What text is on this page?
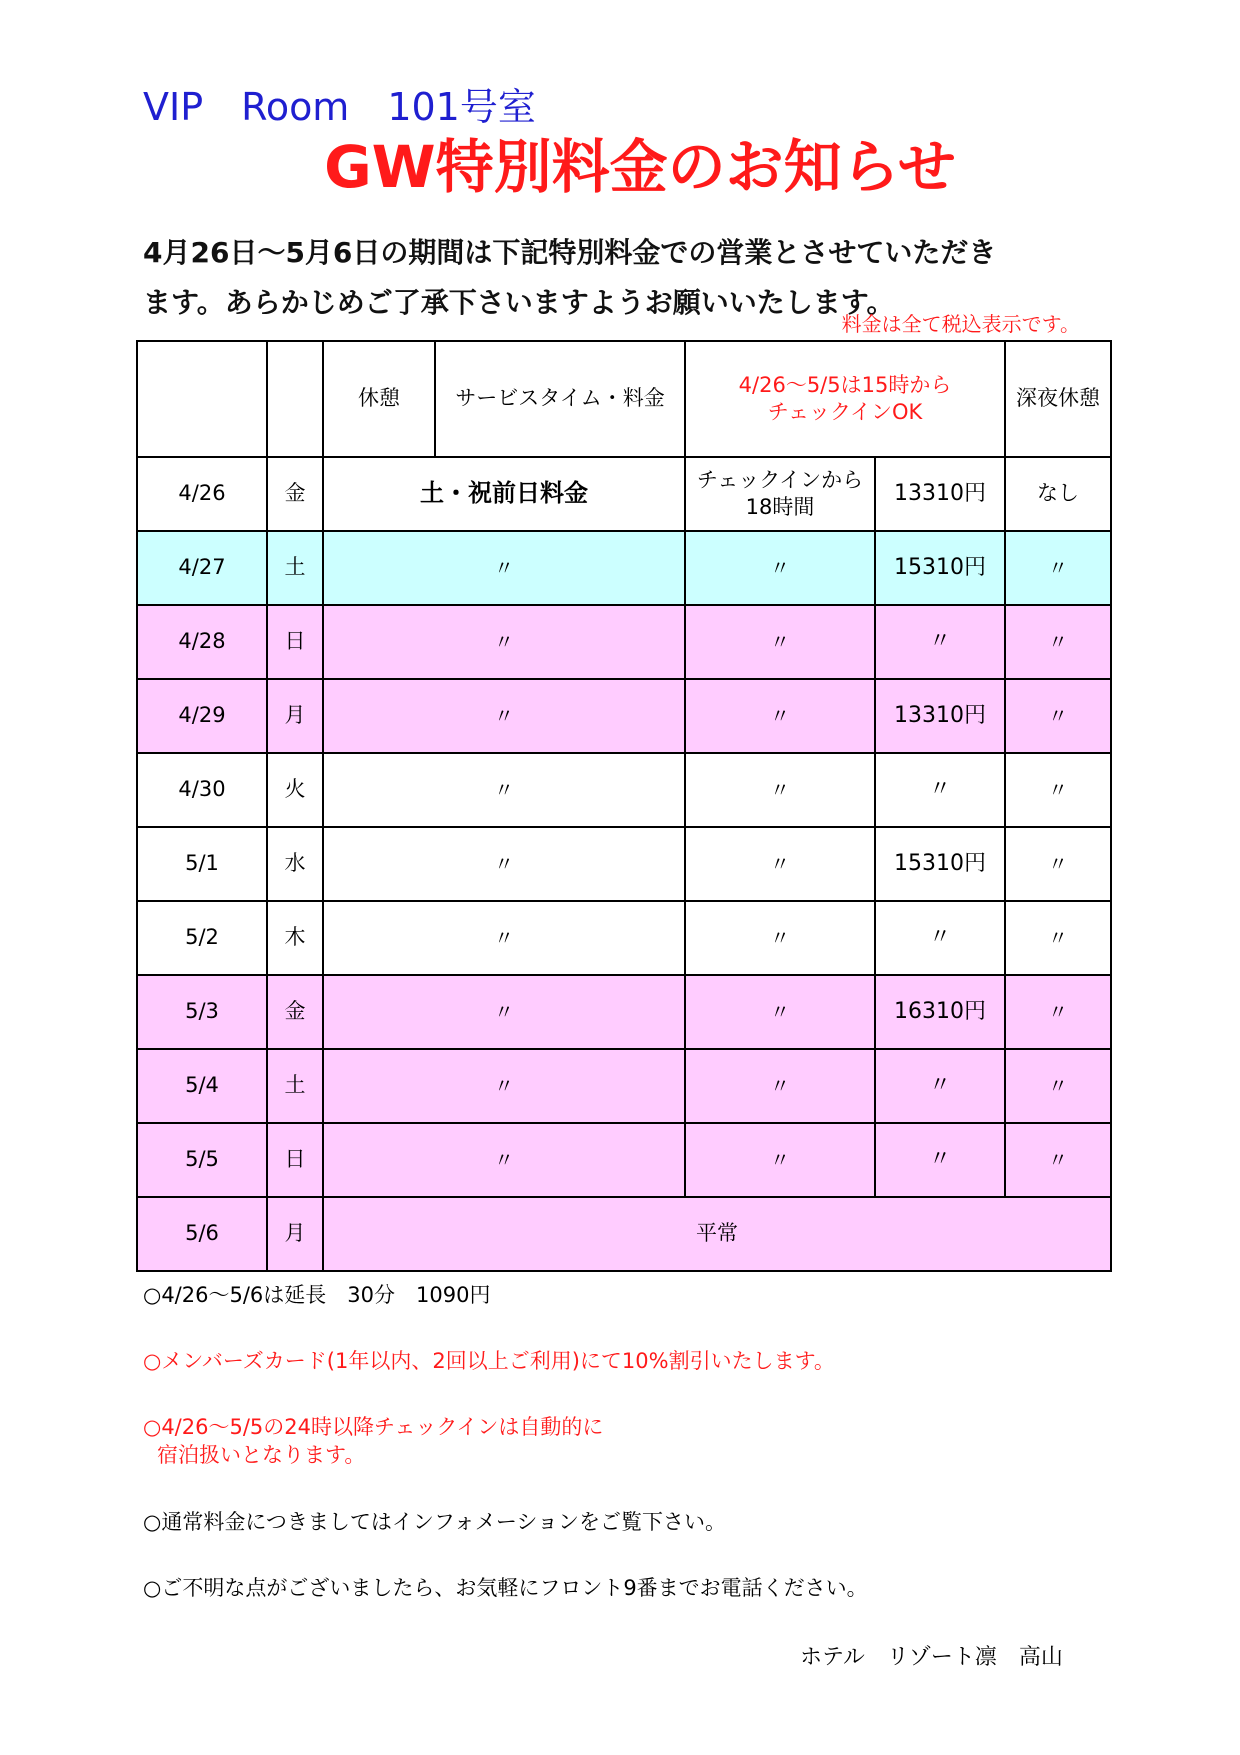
VIP　Room　101号室
GW特別料金のお知らせ
4月26日～5月6日の期間は下記特別料金での営業とさせていただき
ます。あらかじめご了承下さいますようお願いいたします。
料金は全て税込表示です。
		休憩	サービスタイム・料金	4/26～5/5は15時から
チェックインOK		深夜休憩
4/26	金	土・祝前日料金		チェックインから
18時間	13310円	なし
4/27	土	〃		〃	15310円	〃
4/28	日	〃		〃	〃	〃
4/29	月	〃		〃	13310円	〃
4/30	火	〃		〃	〃	〃
5/1	水	〃		〃	15310円	〃
5/2	木	〃		〃	〃	〃
5/3	金	〃		〃	16310円	〃
5/4	土	〃		〃	〃	〃
5/5	日	〃		〃	〃	〃
5/6	月	平常				

○4/26～5/6は延長　30分　1090円

○メンバーズカード(1年以内、2回以上ご利用)にて10%割引いたします。

○4/26～5/5の24時以降チェックインは自動的に

宿泊扱いとなります。

○通常料金につきましてはインフォメーションをご覧下さい。

○ご不明な点がございましたら、お気軽にフロント9番までお電話ください。

ホテル　リゾート凛　高山
